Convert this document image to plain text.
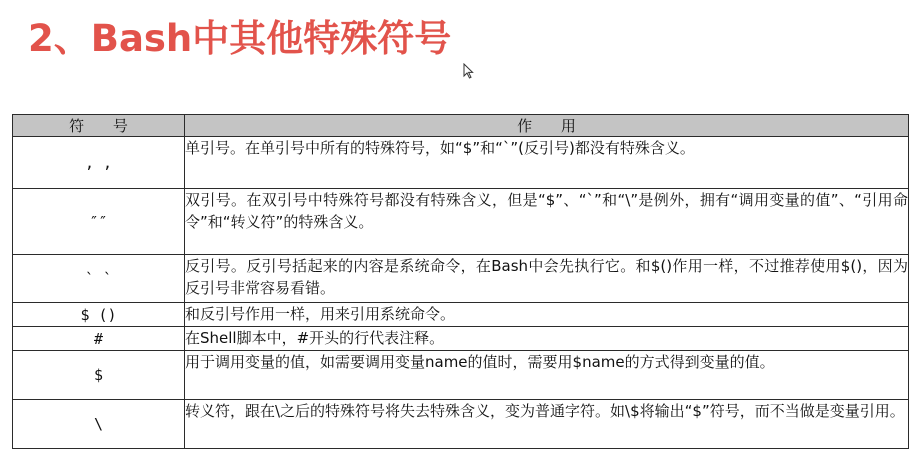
2、Bash中其他特殊符号
符 号	作 用
, ,	单引号。在单引号中所有的特殊符号，如“$”和“`”(反引号)都没有特殊含义。
″″	双引号。在双引号中特殊符号都没有特殊含义，但是“$”、“`”和“\”是例外，拥有“调用变量的值”、“引用命令”和“转义符”的特殊含义。
` `	反引号。反引号括起来的内容是系统命令，在Bash中会先执行它。和$()作用一样，不过推荐使用$()，因为反引号非常容易看错。
$ ()	和反引号作用一样，用来引用系统命令。
#	在Shell脚本中，#开头的行代表注释。
$	用于调用变量的值，如需要调用变量name的值时，需要用$name的方式得到变量的值。
\	转义符，跟在\之后的特殊符号将失去特殊含义，变为普通字符。如\$将输出“$”符号，而不当做是变量引用。
